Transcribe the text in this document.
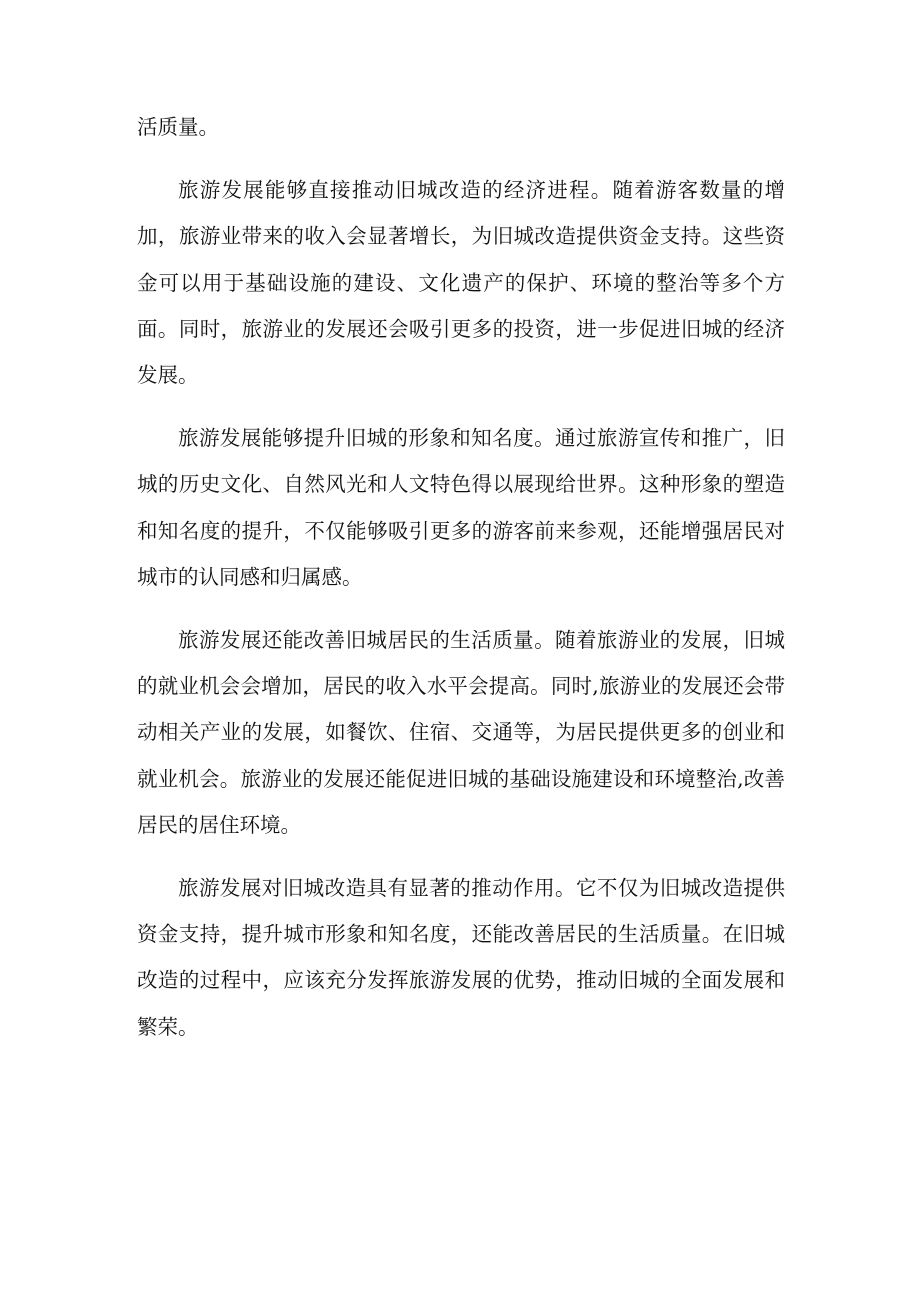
活质量。

旅游发展能够直接推动旧城改造的经济进程。随着游客数量的增加，旅游业带来的收入会显著增长，为旧城改造提供资金支持。这些资金可以用于基础设施的建设、文化遗产的保护、环境的整治等多个方面。同时，旅游业的发展还会吸引更多的投资，进一步促进旧城的经济发展。

旅游发展能够提升旧城的形象和知名度。通过旅游宣传和推广，旧城的历史文化、自然风光和人文特色得以展现给世界。这种形象的塑造和知名度的提升，不仅能够吸引更多的游客前来参观，还能增强居民对城市的认同感和归属感。

旅游发展还能改善旧城居民的生活质量。随着旅游业的发展，旧城的就业机会会增加，居民的收入水平会提高。同时,旅游业的发展还会带动相关产业的发展，如餐饮、住宿、交通等，为居民提供更多的创业和就业机会。旅游业的发展还能促进旧城的基础设施建设和环境整治,改善居民的居住环境。

旅游发展对旧城改造具有显著的推动作用。它不仅为旧城改造提供资金支持，提升城市形象和知名度，还能改善居民的生活质量。在旧城改造的过程中，应该充分发挥旅游发展的优势，推动旧城的全面发展和繁荣。
